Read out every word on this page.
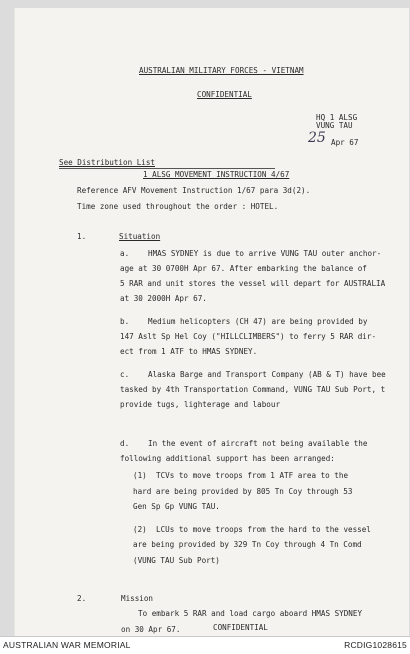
AUSTRALIAN MILITARY FORCES - VIETNAM
CONFIDENTIAL
HQ 1 ALSG
VUNG TAU
25 Apr 67
See Distribution List
1 ALSG MOVEMENT INSTRUCTION 4/67
Reference AFV Movement Instruction 1/67 para 3d(2).
Time zone used throughout the order : HOTEL.
1.	Situation
a. HMAS SYDNEY is due to arrive VUNG TAU outer anchor-
age at 30 0700H Apr 67. After embarking the balance of
5 RAR and unit stores the vessel will depart for AUSTRALIA
at 30 2000H Apr 67.
b. Medium helicopters (CH 47) are being provided by
147 Aslt Sp Hel Coy ("HILLCLIMBERS") to ferry 5 RAR dir-
ect from 1 ATF to HMAS SYDNEY.
c. Alaska Barge and Transport Company (AB & T) have bee
tasked by 4th Transportation Command, VUNG TAU Sub Port, t
provide tugs, lighterage and labour
d. In the event of aircraft not being available the
following additional support has been arranged:
(1) TCVs to move troops from 1 ATF area to the
hard are being provided by 805 Tn Coy through 53
Gen Sp Gp VUNG TAU.
(2) LCUs to move troops from the hard to the vessel
are being provided by 329 Tn Coy through 4 Tn Comd
(VUNG TAU Sub Port)
2.	Mission
To embark 5 RAR and load cargo aboard HMAS SYDNEY
on 30 Apr 67.	CONFIDENTIAL
AUSTRALIAN WAR MEMORIAL	RCDIG1028615
